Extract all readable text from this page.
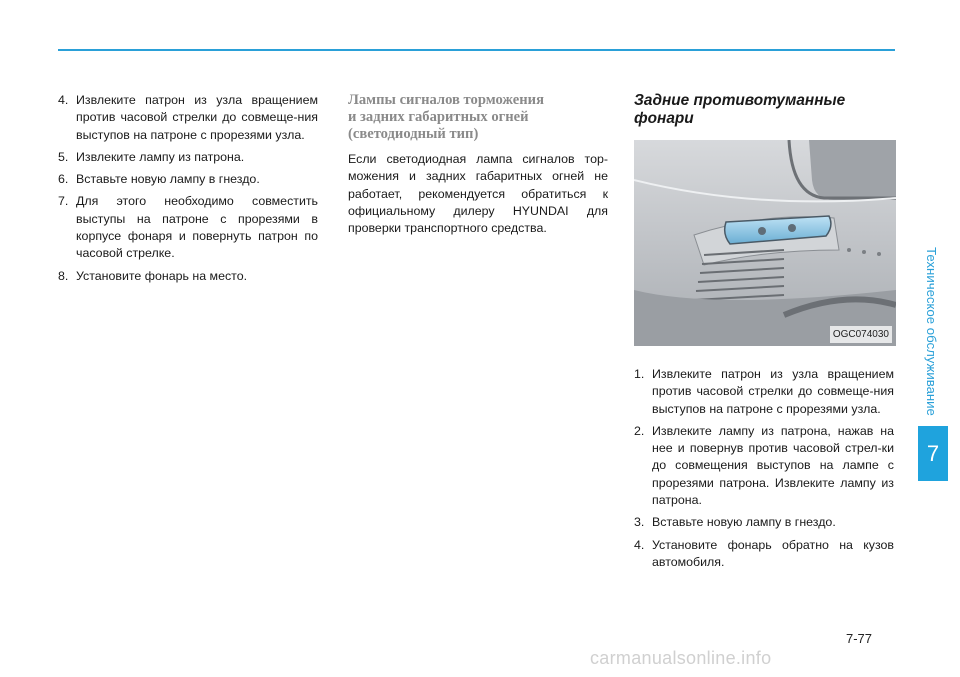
4. Извлеките патрон из узла вращением против часовой стрелки до совмеще-ния выступов на патроне с прорезями узла.
5. Извлеките лампу из патрона.
6. Вставьте новую лампу в гнездо.
7. Для этого необходимо совместить выступы на патроне с прорезями в корпусе фонаря и повернуть патрон по часовой стрелке.
8. Установите фонарь на место.
Лампы сигналов торможения
и задних габаритных огней
(светодиодный тип)

Если светодиодная лампа сигналов тор-можения и задних габаритных огней не работает, рекомендуется обратиться к официальному дилеру HYUNDAI для проверки транспортного средства.

Задние противотуманные
фонари
OGC074030
1. Извлеките патрон из узла вращением против часовой стрелки до совмеще-ния выступов на патроне с прорезями узла.
2. Извлеките лампу из патрона, нажав на нее и повернув против часовой стрел-ки до совмещения выступов на лампе с прорезями патрона. Извлеките лампу из патрона.
3. Вставьте новую лампу в гнездо.
4. Установите фонарь обратно на кузов автомобиля.
Техническое обслуживание
7
7-77
carmanualsonline.info
